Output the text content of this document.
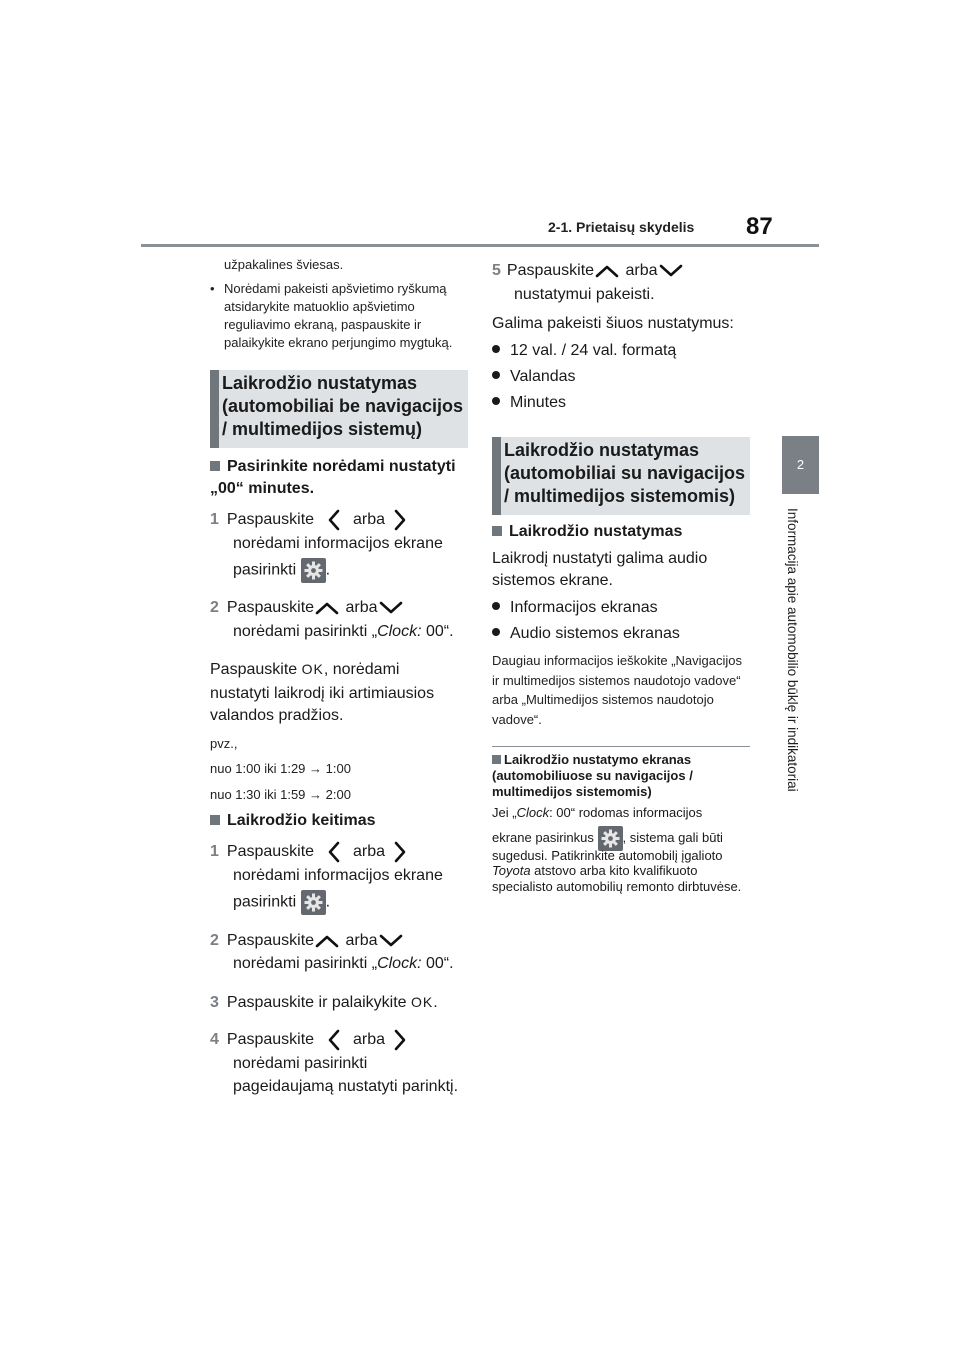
2-1. Prietaisų skydelis 87
2
Informacija apie automobilio būklę ir indikatoriai
užpakalines šviesas.
• Norėdami pakeisti apšvietimo ryškumą atsidarykite matuoklio apšvietimo reguliavimo ekraną, paspauskite ir palaikykite ekrano perjungimo mygtuką.
Laikrodžio nustatymas (automobiliai be navigacijos / multimedijos sistemų)
Pasirinkite norėdami nustatyti „00“ minutes.
1 Paspauskite arba
norėdami informacijos ekrane
pasirinkti .
2 Paspauskite arba
norėdami pasirinkti „Clock: 00“.
Paspauskite OK, norėdami
nustatyti laikrodį iki artimiausios
valandos pradžios.
pvz.,
nuo 1:00 iki 1:29 → 1:00
nuo 1:30 iki 1:59 → 2:00
Laikrodžio keitimas
1 Paspauskite arba
norėdami informacijos ekrane
pasirinkti .
2 Paspauskite arba
norėdami pasirinkti „Clock: 00“.
3 Paspauskite ir palaikykite OK.
4 Paspauskite arba
norėdami pasirinkti
pageidaujamą nustatyti parinktį.
5 Paspauskite arba
nustatymui pakeisti.
Galima pakeisti šiuos nustatymus:
12 val. / 24 val. formatą
Valandas
Minutes
Laikrodžio nustatymas (automobiliai su navigacijos / multimedijos sistemomis)
Laikrodžio nustatymas
Laikrodį nustatyti galima audio
sistemos ekrane.
Informacijos ekranas
Audio sistemos ekranas
Daugiau informacijos ieškokite „Navigacijos ir multimedijos sistemos naudotojo vadove“ arba „Multimedijos sistemos naudotojo vadove“.
Laikrodžio nustatymo ekranas (automobiliuose su navigacijos / multimedijos sistemomis)
Jei „Clock: 00“ rodomas informacijos
ekrane pasirinkus , sistema gali būti
sugedusi. Patikrinkite automobilį įgalioto
Toyota atstovo arba kito kvalifikuoto specialisto automobilių remonto dirbtuvėse.
